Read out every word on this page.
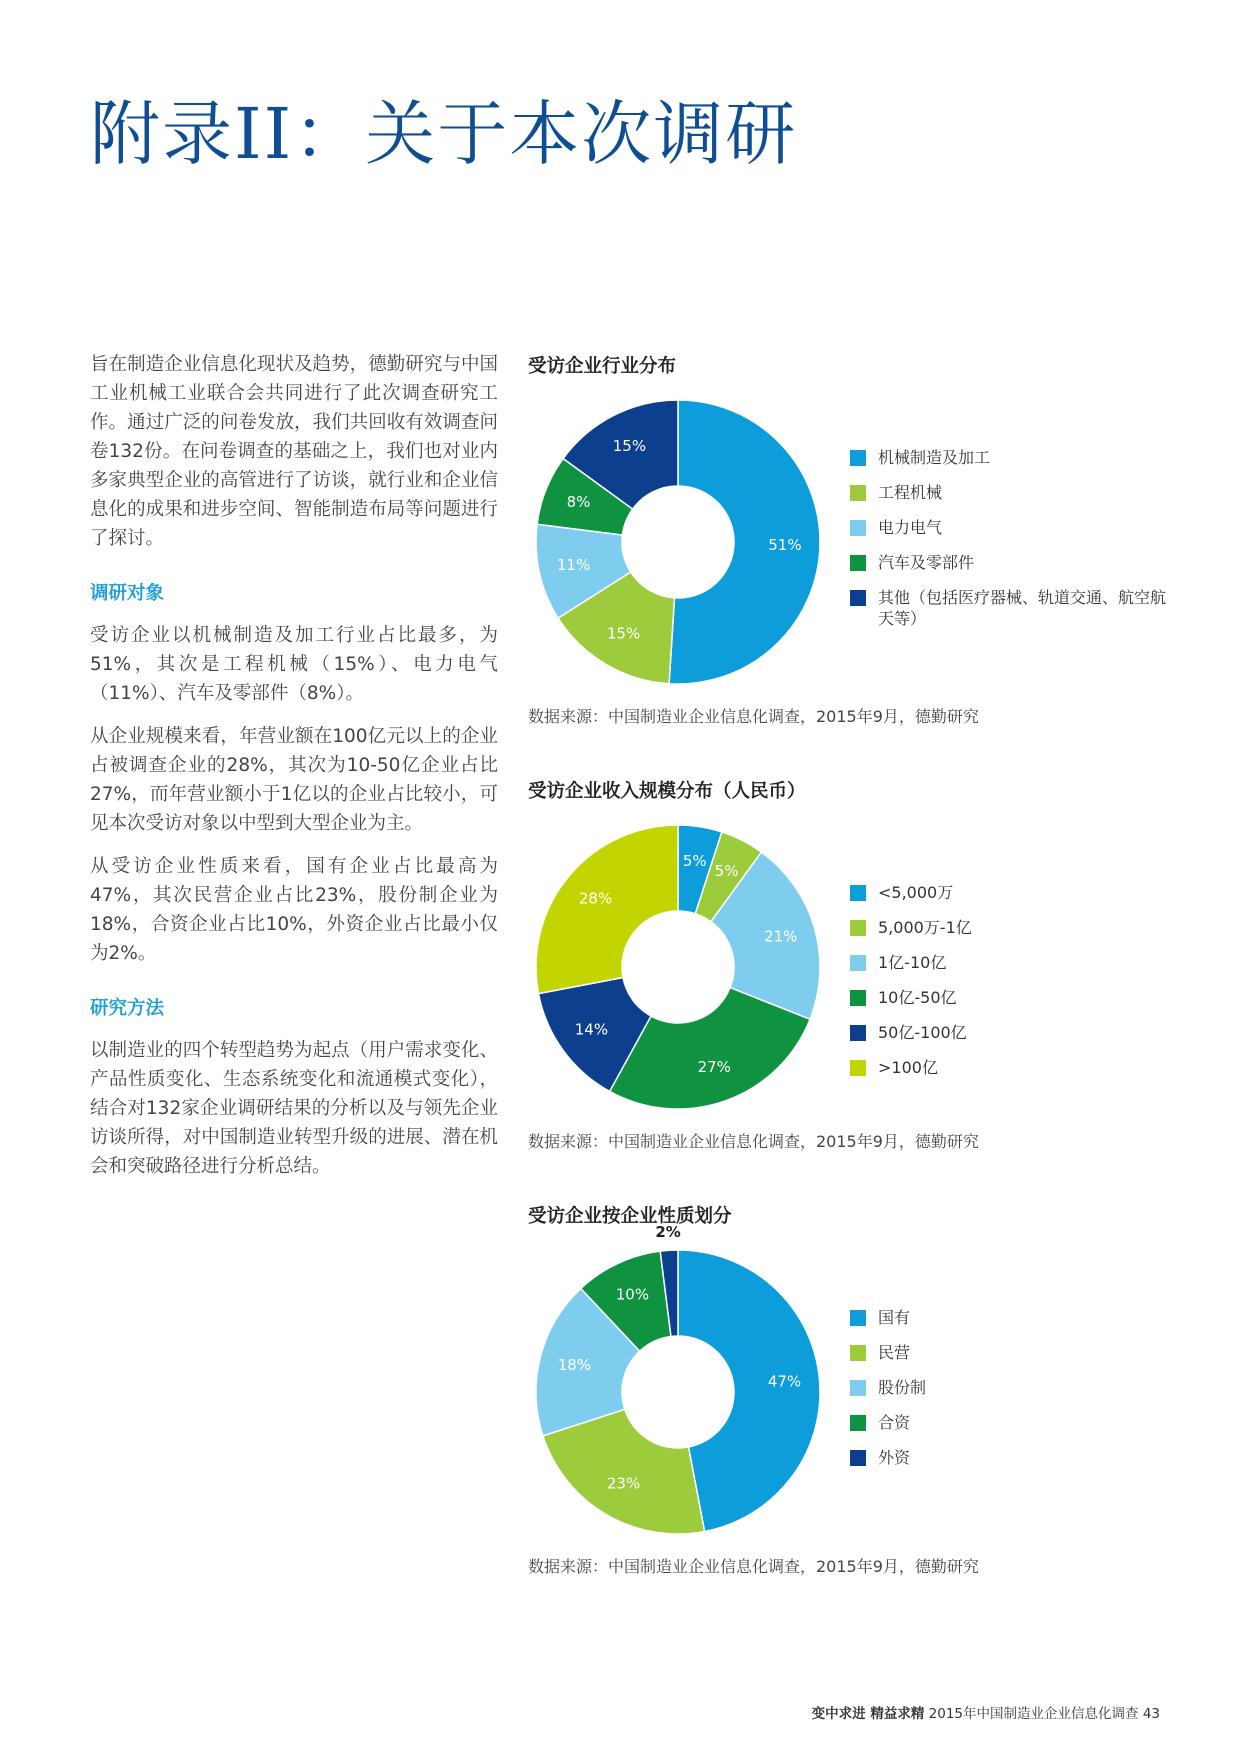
附录II：关于本次调研

旨在制造企业信息化现状及趋势，德勤研究与中国工业机械工业联合会共同进行了此次调查研究工作。通过广泛的问卷发放，我们共回收有效调查问卷132份。在问卷调查的基础之上，我们也对业内多家典型企业的高管进行了访谈，就行业和企业信息化的成果和进步空间、智能制造布局等问题进行了探讨。

调研对象

受访企业以机械制造及加工行业占比最多，为51%，其次是工程机械（15%）、电力电气（11%）、汽车及零部件（8%）。

从企业规模来看，年营业额在100亿元以上的企业占被调查企业的28%，其次为10-50亿企业占比27%，而年营业额小于1亿以的企业占比较小，可见本次受访对象以中型到大型企业为主。

从受访企业性质来看，国有企业占比最高为47%，其次民营企业占比23%，股份制企业为18%，合资企业占比10%，外资企业占比最小仅为2%。

研究方法

以制造业的四个转型趋势为起点（用户需求变化、产品性质变化、生态系统变化和流通模式变化），结合对132家企业调研结果的分析以及与领先企业访谈所得，对中国制造业转型升级的进展、潜在机会和突破路径进行分析总结。

受访企业行业分布
51%
15%
11%
8%
15%
机械制造及加工
工程机械
电力电气
汽车及零部件
其他（包括医疗器械、轨道交通、航空航天等）

数据来源：中国制造业企业信息化调查，2015年9月，德勤研究

受访企业收入规模分布（人民币）
5%
5%
21%
27%
14%
28%	<5,000万
5,000万-1亿
1亿-10亿
10亿-50亿
50亿-100亿
>100亿

数据来源：中国制造业企业信息化调查，2015年9月，德勤研究

受访企业按企业性质划分
47%
23%
18%
10%
2%
国有
民营
股份制
合资
外资

数据来源：中国制造业企业信息化调查，2015年9月，德勤研究

变中求进 精益求精 2015年中国制造业企业信息化调查 43
